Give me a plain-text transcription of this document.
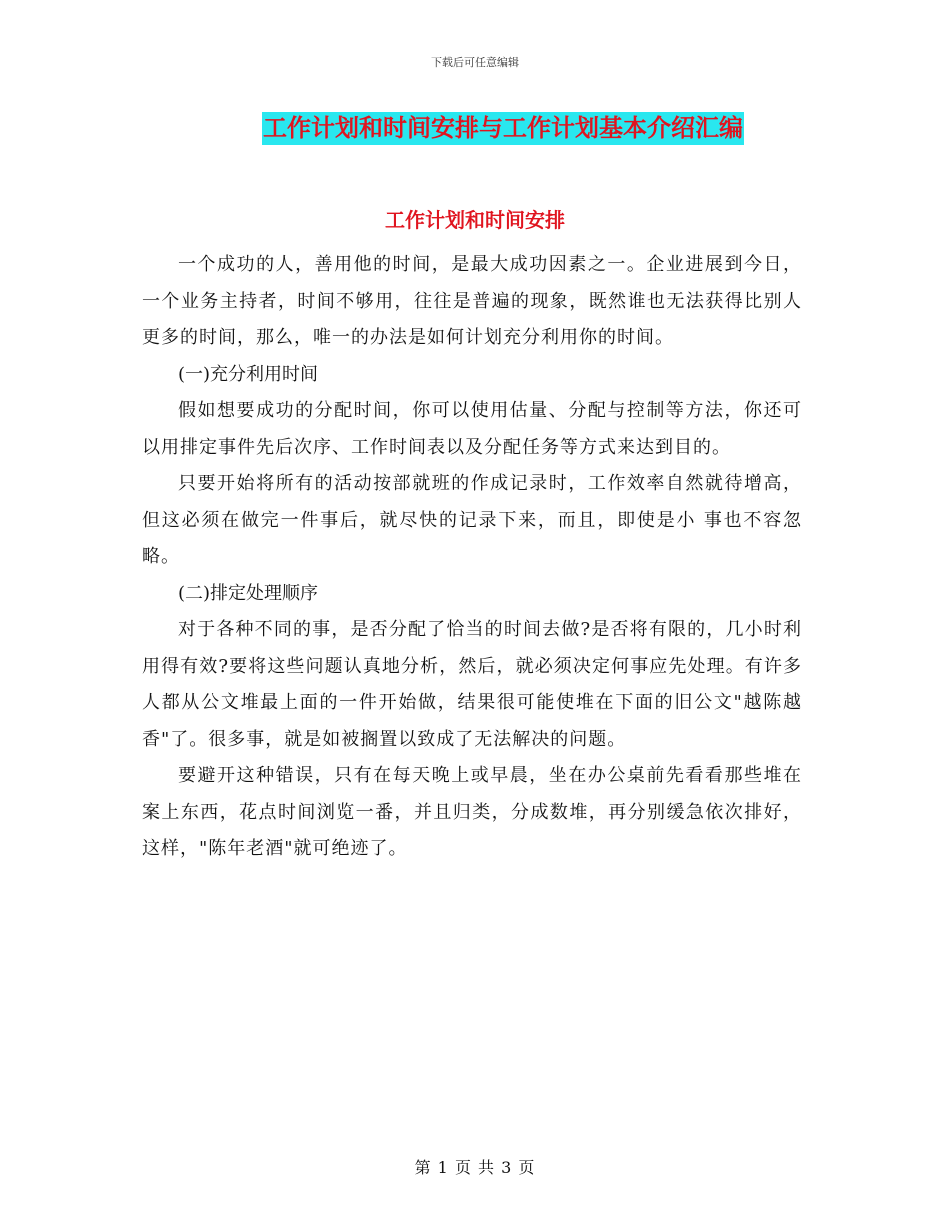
下载后可任意编辑
工作计划和时间安排与工作计划基本介绍汇编
工作计划和时间安排

一个成功的人，善用他的时间，是最大成功因素之一。企业进展到今日，一个业务主持者，时间不够用，往往是普遍的现象，既然谁也无法获得比别人更多的时间，那么，唯一的办法是如何计划充分利用你的时间。

(一)充分利用时间

假如想要成功的分配时间，你可以使用估量、分配与控制等方法，你还可以用排定事件先后次序、工作时间表以及分配任务等方式来达到目的。

只要开始将所有的活动按部就班的作成记录时，工作效率自然就待增高，但这必须在做完一件事后，就尽快的记录下来，而且，即使是小 事也不容忽略。

(二)排定处理顺序

对于各种不同的事，是否分配了恰当的时间去做?是否将有限的，几小时利用得有效?要将这些问题认真地分析，然后，就必须决定何事应先处理。有许多人都从公文堆最上面的一件开始做，结果很可能使堆在下面的旧公文"越陈越香"了。很多事，就是如被搁置以致成了无法解决的问题。

要避开这种错误，只有在每天晚上或早晨，坐在办公桌前先看看那些堆在案上东西，花点时间浏览一番，并且归类，分成数堆，再分别缓急依次排好，这样，"陈年老酒"就可绝迹了。

第 1 页 共 3 页
